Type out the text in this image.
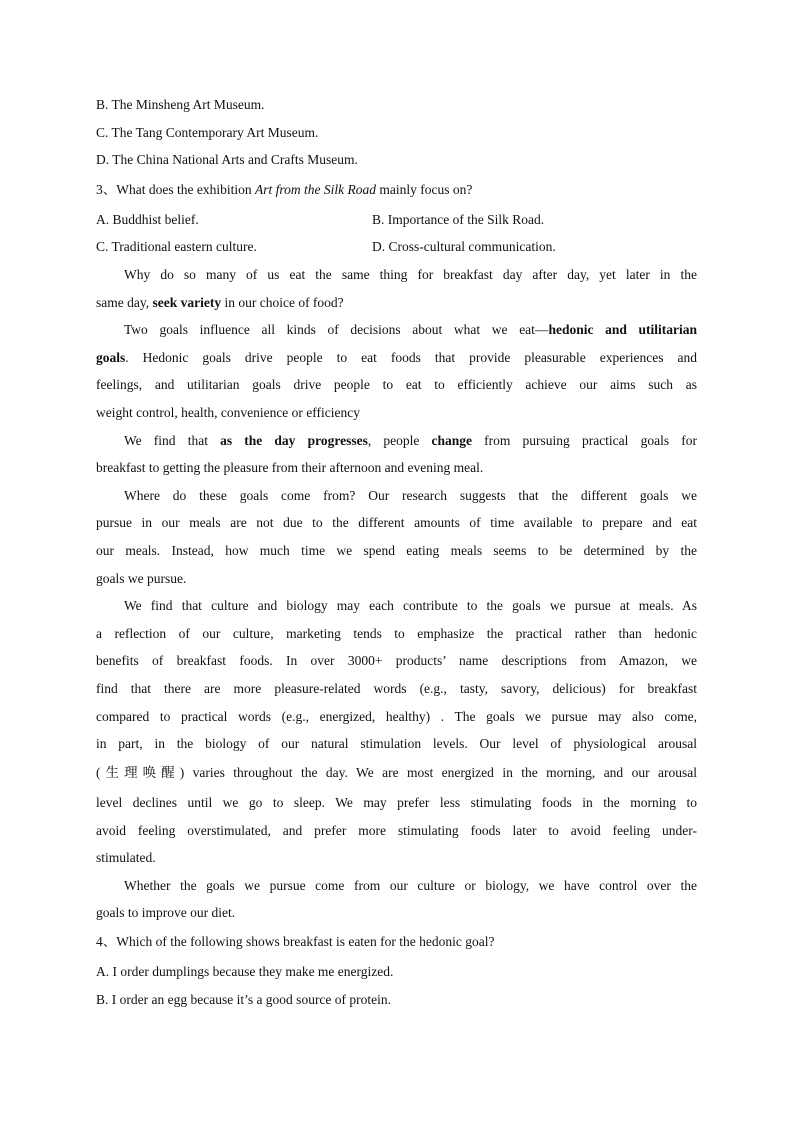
B. The Minsheng Art Museum.
C. The Tang Contemporary Art Museum.
D. The China National Arts and Crafts Museum.
3、What does the exhibition Art from the Silk Road mainly focus on?
A. Buddhist belief.	B. Importance of the Silk Road.
C. Traditional eastern culture.	D. Cross-cultural communication.
Why do so many of us eat the same thing for breakfast day after day, yet later in the
same day, seek variety in our choice of food?
Two goals influence all kinds of decisions about what we eat—hedonic and utilitarian
goals. Hedonic goals drive people to eat foods that provide pleasurable experiences and
feelings, and utilitarian goals drive people to eat to efficiently achieve our aims such as
weight control, health, convenience or efficiency
We find that as the day progresses, people change from pursuing practical goals for
breakfast to getting the pleasure from their afternoon and evening meal.
Where do these goals come from? Our research suggests that the different goals we
pursue in our meals are not due to the different amounts of time available to prepare and eat
our meals. Instead, how much time we spend eating meals seems to be determined by the
goals we pursue.
We find that culture and biology may each contribute to the goals we pursue at meals. As
a reflection of our culture, marketing tends to emphasize the practical rather than hedonic
benefits of breakfast foods. In over 3000+ products’ name descriptions from Amazon, we
find that there are more pleasure-related words (e.g., tasty, savory, delicious) for breakfast
compared to practical words (e.g., energized, healthy) . The goals we pursue may also come,
in part, in the biology of our natural stimulation levels. Our level of physiological arousal
(生理唤醒) varies throughout the day. We are most energized in the morning, and our arousal
level declines until we go to sleep. We may prefer less stimulating foods in the morning to
avoid feeling overstimulated, and prefer more stimulating foods later to avoid feeling under-
stimulated.
Whether the goals we pursue come from our culture or biology, we have control over the
goals to improve our diet.
4、Which of the following shows breakfast is eaten for the hedonic goal?
A. I order dumplings because they make me energized.
B. I order an egg because it’s a good source of protein.
